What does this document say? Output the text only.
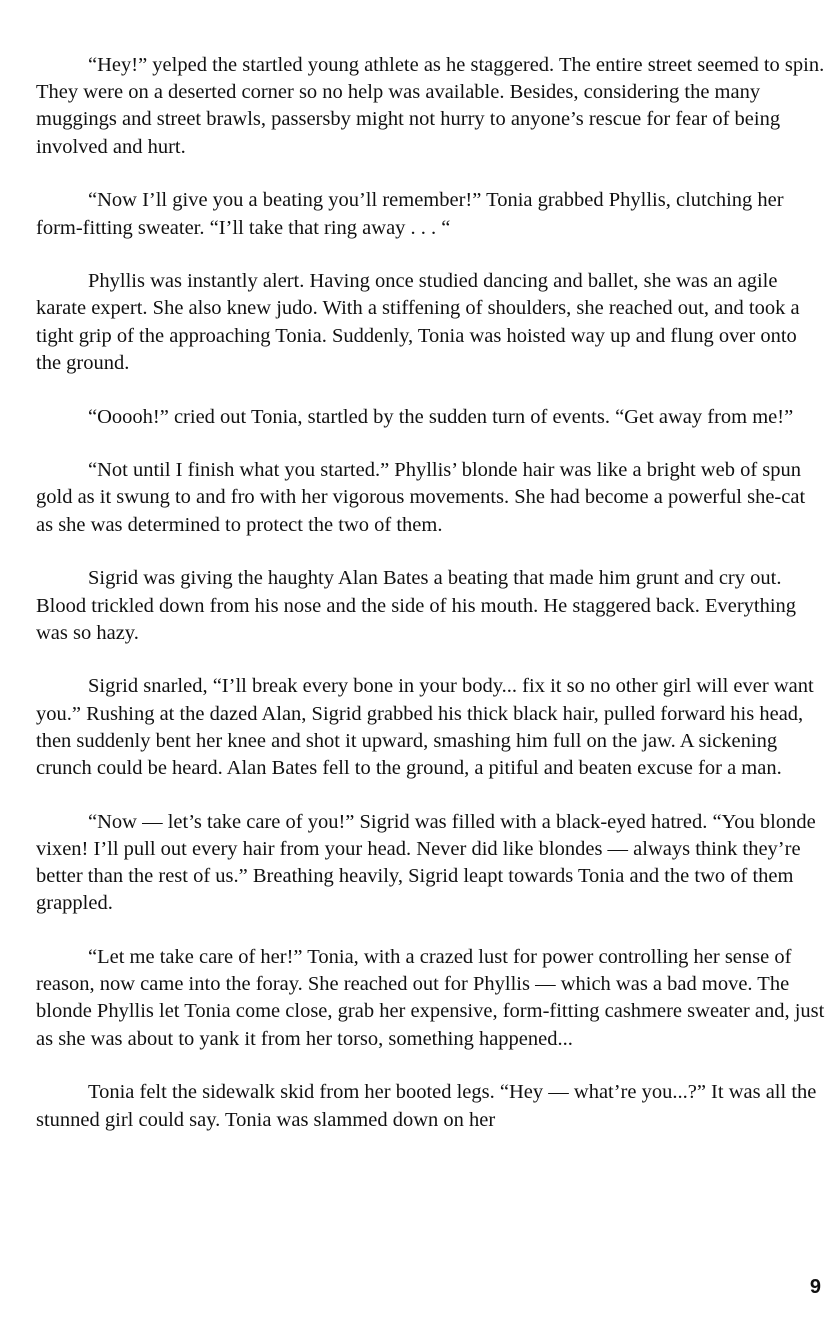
“Hey!” yelped the startled young athlete as he staggered. The entire street seemed to spin. They were on a deserted corner so no help was available. Besides, considering the many muggings and street brawls, passersby might not hurry to anyone’s rescue for fear of being involved and hurt.

“Now I’ll give you a beating you’ll remember!” Tonia grabbed Phyllis, clutching her form-fitting sweater. “I’ll take that ring away . . . “

Phyllis was instantly alert. Having once studied dancing and ballet, she was an agile karate expert. She also knew judo. With a stiffening of shoulders, she reached out, and took a tight grip of the approaching Tonia. Suddenly, Tonia was hoisted way up and flung over onto the ground.

“Ooooh!” cried out Tonia, startled by the sudden turn of events. “Get away from me!”

“Not until I finish what you started.” Phyllis’ blonde hair was like a bright web of spun gold as it swung to and fro with her vigorous movements. She had become a powerful she-cat as she was determined to protect the two of them.

Sigrid was giving the haughty Alan Bates a beating that made him grunt and cry out. Blood trickled down from his nose and the side of his mouth. He staggered back. Everything was so hazy.

Sigrid snarled, “I’ll break every bone in your body... fix it so no other girl will ever want you.” Rushing at the dazed Alan, Sigrid grabbed his thick black hair, pulled forward his head, then suddenly bent her knee and shot it upward, smashing him full on the jaw. A sickening crunch could be heard. Alan Bates fell to the ground, a pitiful and beaten excuse for a man.

“Now — let’s take care of you!” Sigrid was filled with a black-eyed hatred. “You blonde vixen! I’ll pull out every hair from your head. Never did like blondes — always think they’re better than the rest of us.” Breathing heavily, Sigrid leapt towards Tonia and the two of them grappled.

“Let me take care of her!” Tonia, with a crazed lust for power controlling her sense of reason, now came into the foray. She reached out for Phyllis — which was a bad move. The blonde Phyllis let Tonia come close, grab her expensive, form-fitting cashmere sweater and, just as she was about to yank it from her torso, something happened...

Tonia felt the sidewalk skid from her booted legs. “Hey — what’re you...?” It was all the stunned girl could say. Tonia was slammed down on her

9
